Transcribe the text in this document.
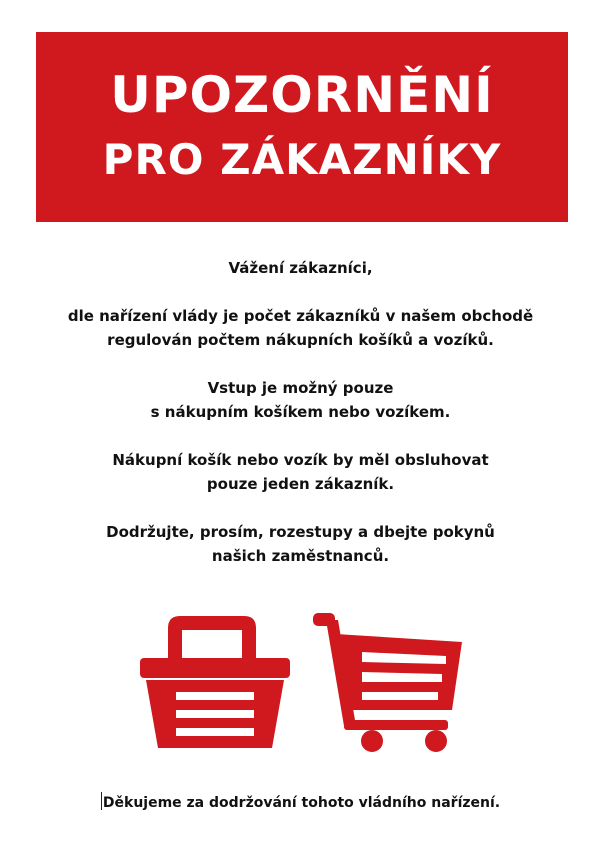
UPOZORNĚNÍ
PRO ZÁKAZNÍKY

Vážení zákazníci,

dle nařízení vlády je počet zákazníků v našem obchodě

regulován počtem nákupních košíků a vozíků.

Vstup je možný pouze

s nákupním košíkem nebo vozíkem.

Nákupní košík nebo vozík by měl obsluhovat

pouze jeden zákazník.

Dodržujte, prosím, rozestupy a dbejte pokynů

našich zaměstnanců.

Děkujeme za dodržování tohoto vládního nařízení.
